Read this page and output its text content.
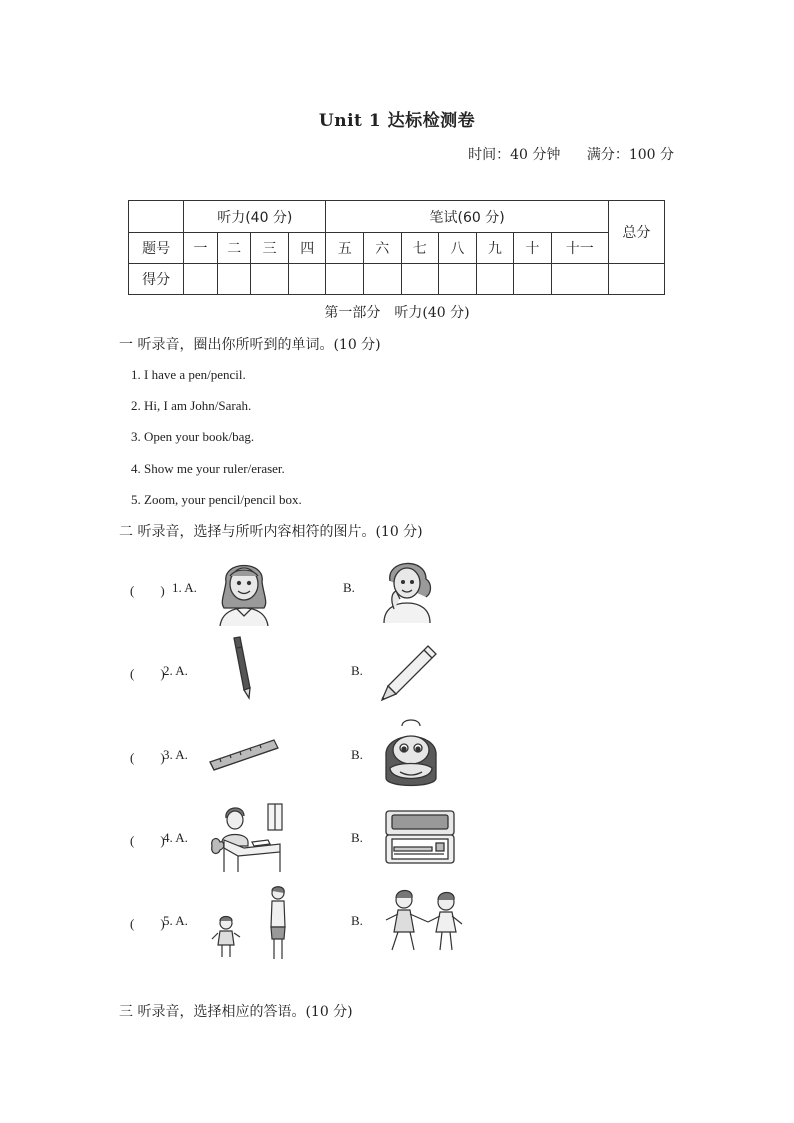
Unit 1 达标检测卷
时间：40 分钟 满分：100 分
	听力(40 分)				笔试(60 分)							总分
题号	一	二	三	四	五	六	七	八	九	十	十一	
得分												
第一部分　听力(40 分)
一 听录音，圈出你所听到的单词。(10 分)
1. I have a pen/pencil.
2. Hi, I am John/Sarah.
3. Open your book/bag.
4. Show me your ruler/eraser.
5. Zoom, your pencil/pencil box.
二 听录音，选择与所听内容相符的图片。(10 分)
(　　) 1. A.	B.
(　　)
2. A.	B.
(　　)
3. A.	B.
(　　)
4. A.	B.
(　　)
5. A.	B.
三 听录音，选择相应的答语。(10 分)
